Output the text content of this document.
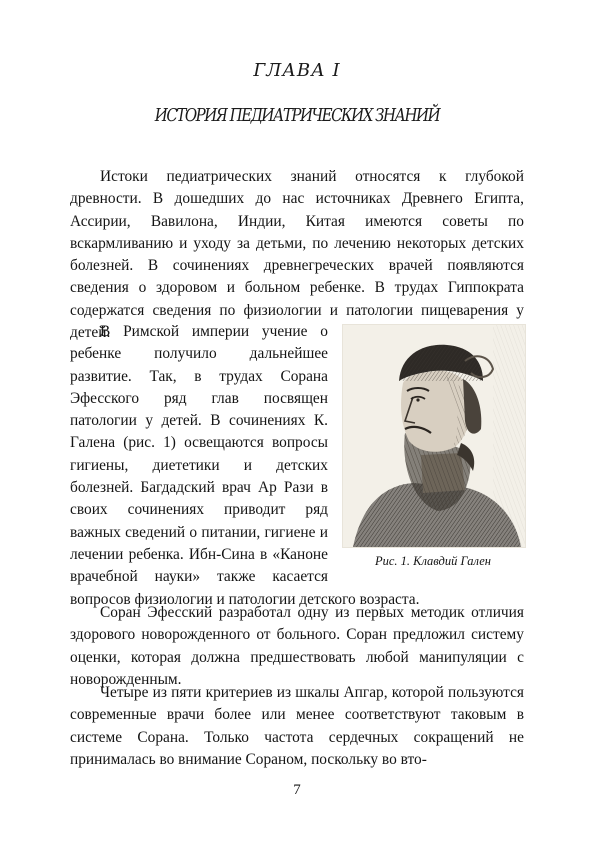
ГЛАВА I
ИСТОРИЯ ПЕДИАТРИЧЕСКИХ ЗНАНИЙ

Истоки педиатрических знаний относятся к глубокой древности. В дошедших до нас источниках Древнего Египта, Ассирии, Вавилона, Индии, Китая имеются советы по вскармливанию и уходу за детьми, по лечению некоторых детских болезней. В сочинениях древнегреческих врачей появляются сведения о здоровом и больном ребенке. В трудах Гиппократа содержатся сведения по физиологии и патологии пищеварения у детей.

Рис. 1. Клавдий Гален

В Римской империи учение о ребенке получило дальнейшее развитие. Так, в трудах Сорана Эфесского ряд глав посвящен патологии у детей. В сочинениях К. Галена (рис. 1) освещаются вопросы гигиены, диететики и детских болезней. Багдадский врач Ар Рази в своих сочинениях приводит ряд важных сведений о питании, гигиене и лечении ребенка. Ибн-Сина в «Каноне врачебной науки» также касается вопросов физиологии и патологии детского возраста.

Соран Эфесский разработал одну из первых методик отличия здорового новорожденного от больного. Соран предложил систему оценки, которая должна предшествовать любой манипуляции с новорожденным.

Четыре из пяти критериев из шкалы Апгар, которой пользуются современные врачи более или менее соответствуют таковым в системе Сорана. Только частота сердечных сокращений не принималась во внимание Сораном, поскольку во вто-

7
